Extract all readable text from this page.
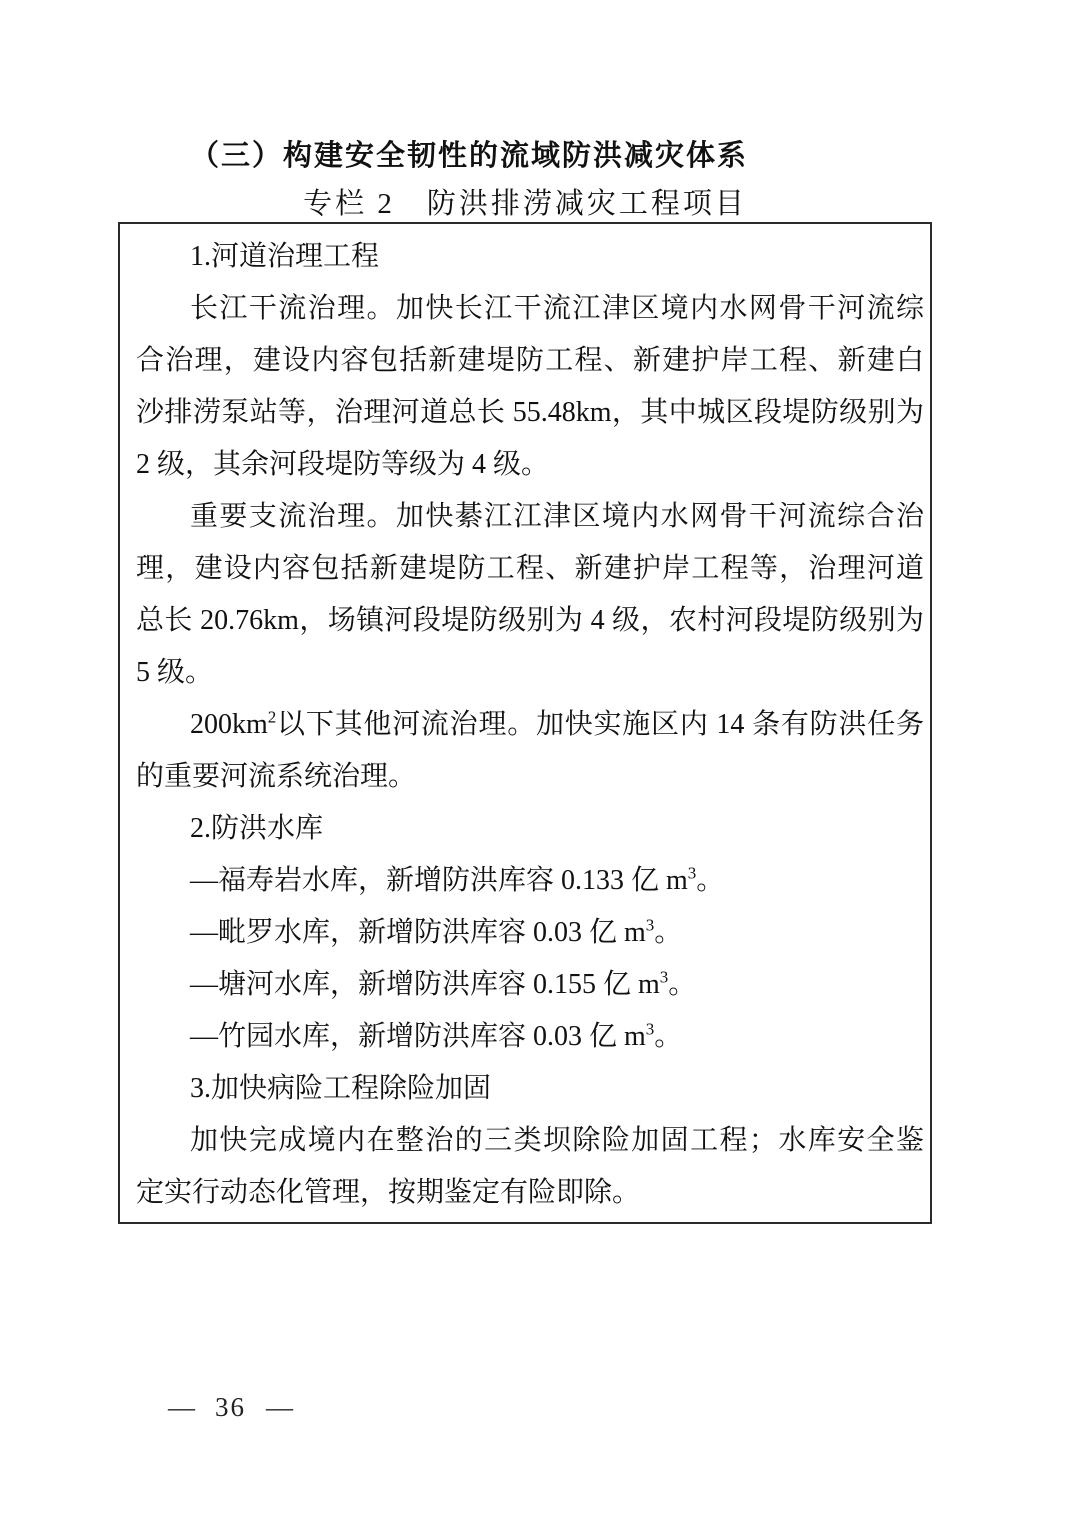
（三）构建安全韧性的流域防洪减灾体系
专栏 2　防洪排涝减灾工程项目
1.河道治理工程
长江干流治理。加快长江干流江津区境内水网骨干河流综
合治理，建设内容包括新建堤防工程、新建护岸工程、新建白
沙排涝泵站等，治理河道总长 55.48km，其中城区段堤防级别为
2 级，其余河段堤防等级为 4 级。
重要支流治理。加快綦江江津区境内水网骨干河流综合治
理，建设内容包括新建堤防工程、新建护岸工程等，治理河道
总长 20.76km，场镇河段堤防级别为 4 级，农村河段堤防级别为
5 级。
$200km^2$以下其他河流治理。加快实施区内 14 条有防洪任务
的重要河流系统治理。
2.防洪水库
—福寿岩水库，新增防洪库容 0.133 亿 $m^3$。
—毗罗水库，新增防洪库容 0.03 亿 $m^3$。
—塘河水库，新增防洪库容 0.155 亿 $m^3$。
—竹园水库，新增防洪库容 0.03 亿 $m^3$。
3.加快病险工程除险加固
加快完成境内在整治的三类坝除险加固工程；水库安全鉴
定实行动态化管理，按期鉴定有险即除。
— 36 —
